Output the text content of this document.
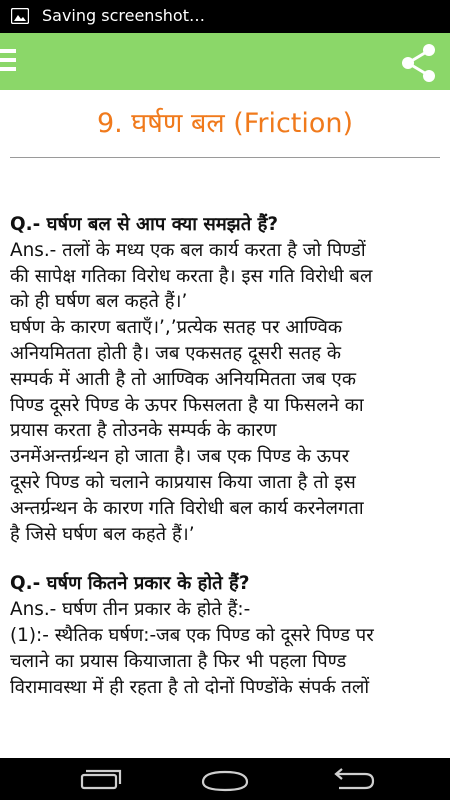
Saving screenshot…
9. घर्षण बल (Friction)

Q.- घर्षण बल से आप क्या समझते हैं?

Ans.- तलों के मध्य एक बल कार्य करता है जो पिण्डों

की सापेक्ष गतिका विरोध करता है। इस गति विरोधी बल

को ही घर्षण बल कहते हैं।’

घर्षण के कारण बताएँ।’,’प्रत्येक सतह पर आण्विक

अनियमितता होती है। जब एकसतह दूसरी सतह के

सम्पर्क में आती है तो आण्विक अनियमितता जब एक

पिण्ड दूसरे पिण्ड के ऊपर फिसलता है या फिसलने का

प्रयास करता है तोउनके सम्पर्क के कारण

उनमेंअन्तर्ग्रन्थन हो जाता है। जब एक पिण्ड के ऊपर

दूसरे पिण्ड को चलाने काप्रयास किया जाता है तो इस

अन्तर्ग्रन्थन के कारण गति विरोधी बल कार्य करनेलगता

है जिसे घर्षण बल कहते हैं।’

Q.- घर्षण कितने प्रकार के होते हैं?

Ans.- घर्षण तीन प्रकार के होते हैं:-

(1):- स्थैतिक घर्षण:-जब एक पिण्ड को दूसरे पिण्ड पर

चलाने का प्रयास कियाजाता है फिर भी पहला पिण्ड

विरामावस्था में ही रहता है तो दोनों पिण्डोंके संपर्क तलों
